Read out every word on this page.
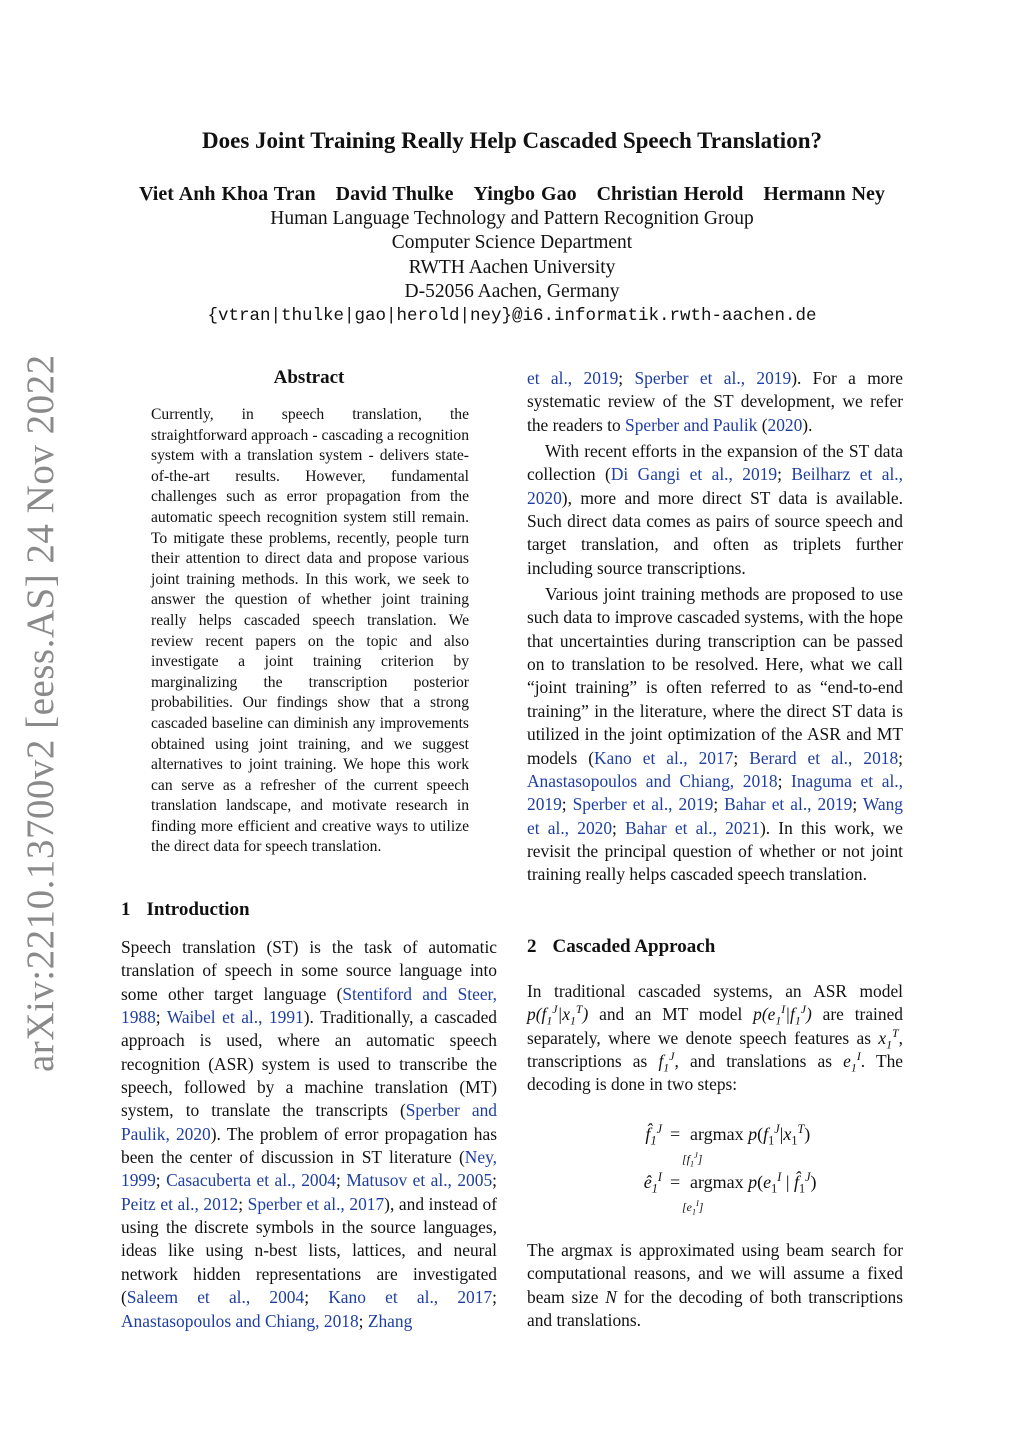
arXiv:2210.13700v2 [eess.AS] 24 Nov 2022
Does Joint Training Really Help Cascaded Speech Translation?
Viet Anh Khoa Tran David Thulke Yingbo Gao Christian Herold Hermann Ney
Human Language Technology and Pattern Recognition Group
Computer Science Department
RWTH Aachen University
D-52056 Aachen, Germany
{vtran|thulke|gao|herold|ney}@i6.informatik.rwth-aachen.de
Abstract
Currently, in speech translation, the straightforward approach - cascading a recognition system with a translation system - delivers state-of-the-art results. However, fundamental challenges such as error propagation from the automatic speech recognition system still remain. To mitigate these problems, recently, people turn their attention to direct data and propose various joint training methods. In this work, we seek to answer the question of whether joint training really helps cascaded speech translation. We review recent papers on the topic and also investigate a joint training criterion by marginalizing the transcription posterior probabilities. Our findings show that a strong cascaded baseline can diminish any improvements obtained using joint training, and we suggest alternatives to joint training. We hope this work can serve as a refresher of the current speech translation landscape, and motivate research in finding more efficient and creative ways to utilize the direct data for speech translation.
1 Introduction

Speech translation (ST) is the task of automatic translation of speech in some source language into some other target language (Stentiford and Steer, 1988; Waibel et al., 1991). Traditionally, a cascaded approach is used, where an automatic speech recognition (ASR) system is used to transcribe the speech, followed by a machine translation (MT) system, to translate the transcripts (Sperber and Paulik, 2020). The problem of error propagation has been the center of discussion in ST literature (Ney, 1999; Casacuberta et al., 2004; Matusov et al., 2005; Peitz et al., 2012; Sperber et al., 2017), and instead of using the discrete symbols in the source languages, ideas like using n-best lists, lattices, and neural network hidden representations are investigated (Saleem et al., 2004; Kano et al., 2017; Anastasopoulos and Chiang, 2018; Zhang

et al., 2019; Sperber et al., 2019). For a more systematic review of the ST development, we refer the readers to Sperber and Paulik (2020).

With recent efforts in the expansion of the ST data collection (Di Gangi et al., 2019; Beilharz et al., 2020), more and more direct ST data is available. Such direct data comes as pairs of source speech and target translation, and often as triplets further including source transcriptions.

Various joint training methods are proposed to use such data to improve cascaded systems, with the hope that uncertainties during transcription can be passed on to translation to be resolved. Here, what we call “joint training” is often referred to as “end-to-end training” in the literature, where the direct ST data is utilized in the joint optimization of the ASR and MT models (Kano et al., 2017; Berard et al., 2018; Anastasopoulos and Chiang, 2018; Inaguma et al., 2019; Sperber et al., 2019; Bahar et al., 2019; Wang et al., 2020; Bahar et al., 2021). In this work, we revisit the principal question of whether or not joint training really helps cascaded speech translation.

2 Cascaded Approach

In traditional cascaded systems, an ASR model $p(f_1^J|x_1^T)$ and an MT model $p(e_1^I|f_1^J)$ are trained separately, where we denote speech features as $x_1^T$, transcriptions as $f_1^J$, and translations as $e_1^I$. The decoding is done in two steps:

$f̂_1^J = argmax$ $p(f_1^J|x_1^T)$
$[f_1^J]$
$ê_1^I = argmax$ $p(e_1^I$ | $f̂_1^J$)
$[e_1^I]$

The argmax is approximated using beam search for computational reasons, and we will assume a fixed beam size N for the decoding of both transcriptions and translations.
